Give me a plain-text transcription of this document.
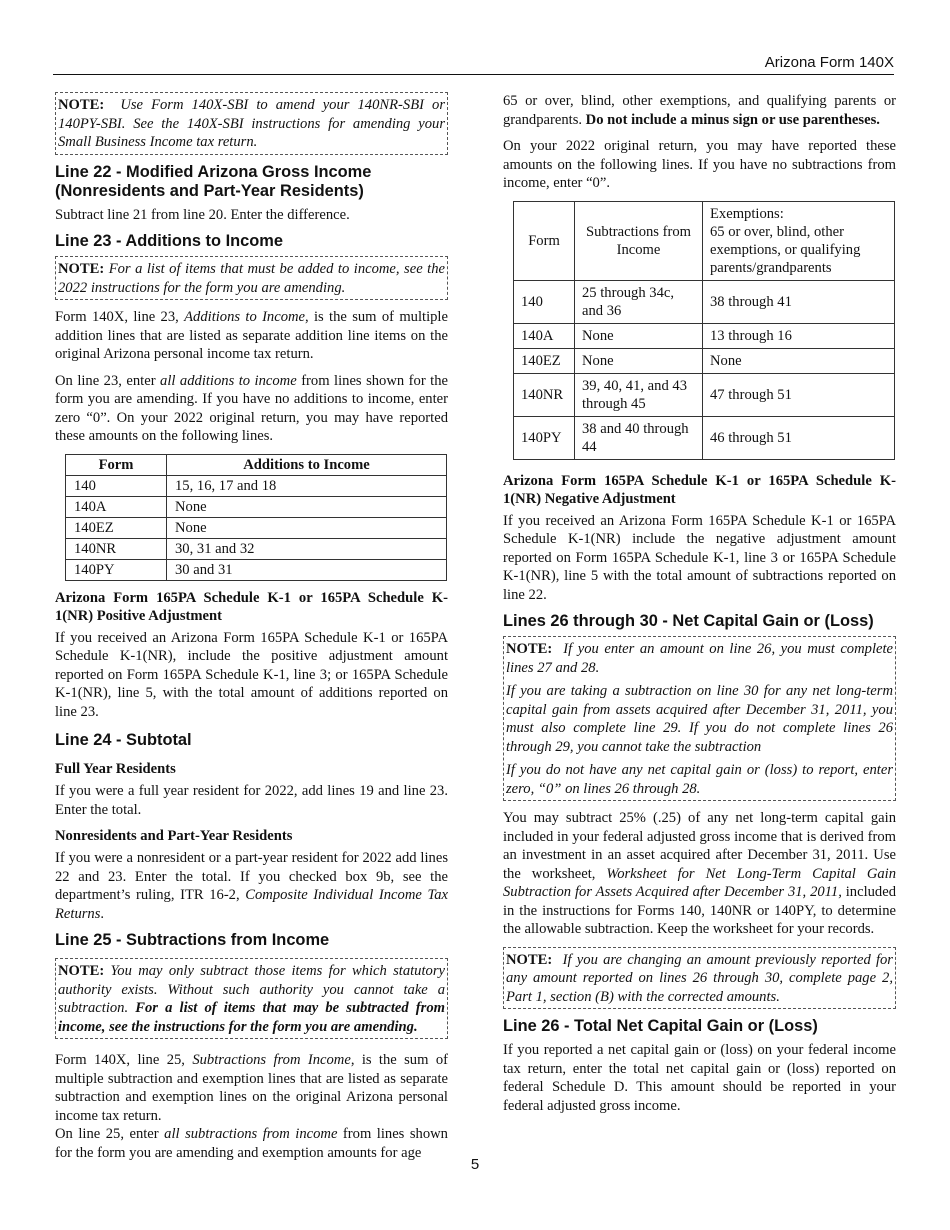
Arizona Form 140X
NOTE: Use Form 140X-SBI to amend your 140NR-SBI or 140PY-SBI. See the 140X-SBI instructions for amending your Small Business Income tax return.
Line 22 - Modified Arizona Gross Income (Nonresidents and Part-Year Residents)

Subtract line 21 from line 20. Enter the difference.

Line 23 - Additions to Income
NOTE: For a list of items that must be added to income, see the 2022 instructions for the form you are amending.

Form 140X, line 23, Additions to Income, is the sum of multiple addition lines that are listed as separate addition line items on the original Arizona personal income tax return.

On line 23, enter all additions to income from lines shown for the form you are amending. If you have no additions to income, enter zero “0”. On your 2022 original return, you may have reported these amounts on the following lines.

Form	Additions to Income
140	15, 16, 17 and 18
140A	None
140EZ	None
140NR	30, 31 and 32
140PY	30 and 31
Arizona Form 165PA Schedule K-1 or 165PA Schedule K-1(NR) Positive Adjustment

If you received an Arizona Form 165PA Schedule K-1 or 165PA Schedule K-1(NR), include the positive adjustment amount reported on Form 165PA Schedule K-1, line 3; or 165PA Schedule K-1(NR), line 5, with the total amount of additions reported on line 23.

Line 24 - Subtotal
Full Year Residents

If you were a full year resident for 2022, add lines 19 and line 23. Enter the total.

Nonresidents and Part-Year Residents

If you were a nonresident or a part-year resident for 2022 add lines 22 and 23. Enter the total. If you checked box 9b, see the department’s ruling, ITR 16-2, Composite Individual Income Tax Returns.

Line 25 - Subtractions from Income
NOTE: You may only subtract those items for which statutory authority exists. Without such authority you cannot take a subtraction. For a list of items that may be subtracted from income, see the instructions for the form you are amending.

Form 140X, line 25, Subtractions from Income, is the sum of multiple subtraction and exemption lines that are listed as separate subtraction and exemption lines on the original Arizona personal income tax return.

On line 25, enter all subtractions from income from lines shown for the form you are amending and exemption amounts for age

65 or over, blind, other exemptions, and qualifying parents or grandparents. Do not include a minus sign or use parentheses.

On your 2022 original return, you may have reported these amounts on the following lines. If you have no subtractions from income, enter “0”.

Form	Subtractions from Income	Exemptions:
65 or over, blind, other exemptions, or qualifying parents/grandparents
140	25 through 34c, and 36	38 through 41
140A	None	13 through 16
140EZ	None	None
140NR	39, 40, 41, and 43 through 45	47 through 51
140PY	38 and 40 through 44	46 through 51
Arizona Form 165PA Schedule K-1 or 165PA Schedule K-1(NR) Negative Adjustment

If you received an Arizona Form 165PA Schedule K-1 or 165PA Schedule K-1(NR) include the negative adjustment amount reported on Form 165PA Schedule K-1, line 3 or 165PA Schedule K-1(NR), line 5 with the total amount of subtractions reported on line 22.

Lines 26 through 30 - Net Capital Gain or (Loss)

NOTE: If you enter an amount on line 26, you must complete lines 27 and 28.

If you are taking a subtraction on line 30 for any net long-term capital gain from assets acquired after December 31, 2011, you must also complete line 29. If you do not complete lines 26 through 29, you cannot take the subtraction

If you do not have any net capital gain or (loss) to report, enter zero, “0” on lines 26 through 28.

You may subtract 25% (.25) of any net long-term capital gain included in your federal adjusted gross income that is derived from an investment in an asset acquired after December 31, 2011. Use the worksheet, Worksheet for Net Long-Term Capital Gain Subtraction for Assets Acquired after December 31, 2011, included in the instructions for Forms 140, 140NR or 140PY, to determine the allowable subtraction. Keep the worksheet for your records.

NOTE: If you are changing an amount previously reported for any amount reported on lines 26 through 30, complete page 2, Part 1, section (B) with the corrected amounts.
Line 26 - Total Net Capital Gain or (Loss)

If you reported a net capital gain or (loss) on your federal income tax return, enter the total net capital gain or (loss) reported on federal Schedule D. This amount should be reported in your federal adjusted gross income.

5
